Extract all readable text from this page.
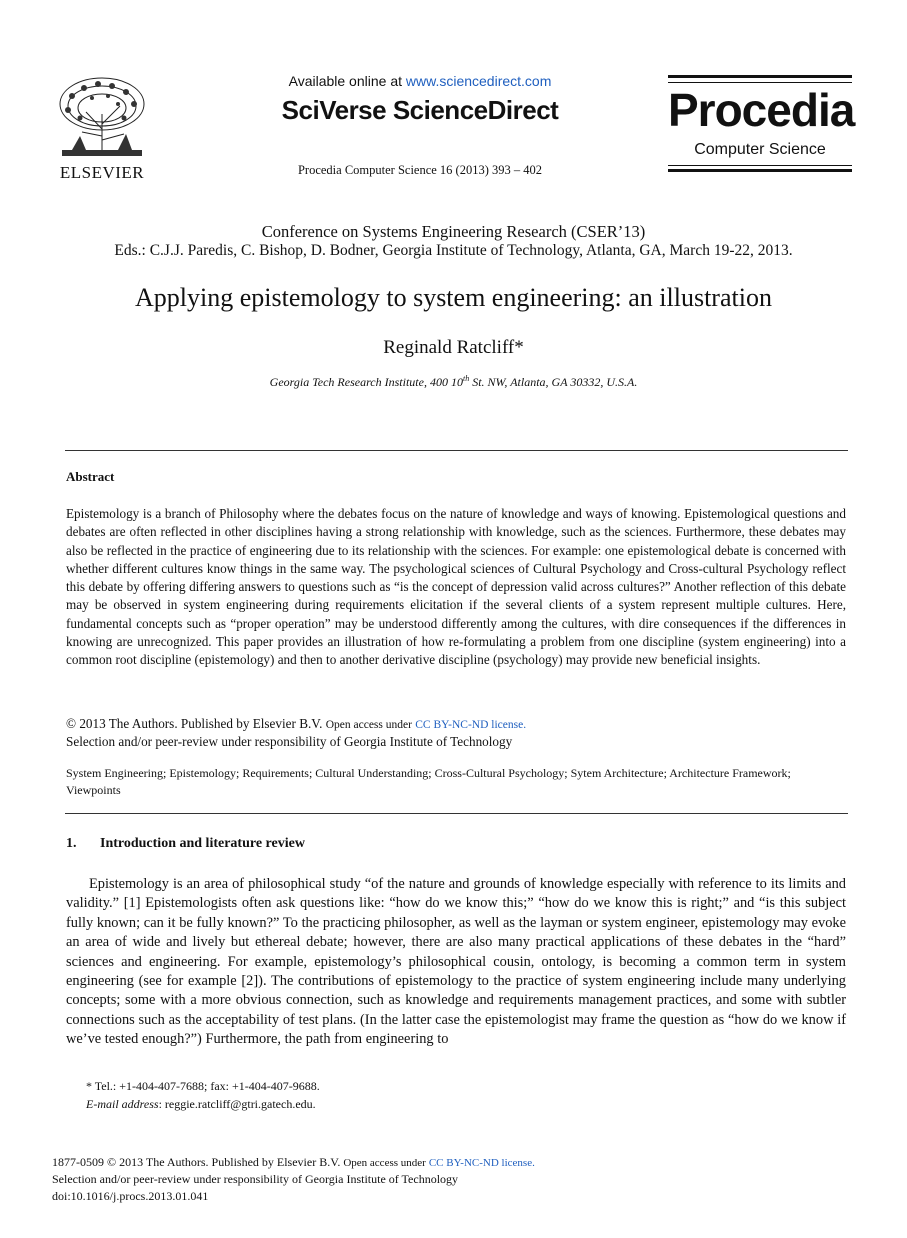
ELSEVIER
Available online at www.sciencedirect.com
SciVerse ScienceDirect
Procedia Computer Science 16 (2013) 393 – 402
Procedia
Computer Science
Conference on Systems Engineering Research (CSER’13)
Eds.: C.J.J. Paredis, C. Bishop, D. Bodner, Georgia Institute of Technology, Atlanta, GA, March 19-22, 2013.
Applying epistemology to system engineering: an illustration
Reginald Ratcliff*
Georgia Tech Research Institute, 400 10th St. NW, Atlanta, GA 30332, U.S.A.
Abstract
Epistemology is a branch of Philosophy where the debates focus on the nature of knowledge and ways of knowing. Epistemological questions and debates are often reflected in other disciplines having a strong relationship with knowledge, such as the sciences. Furthermore, these debates may also be reflected in the practice of engineering due to its relationship with the sciences. For example: one epistemological debate is concerned with whether different cultures know things in the same way. The psychological sciences of Cultural Psychology and Cross-cultural Psychology reflect this debate by offering differing answers to questions such as “is the concept of depression valid across cultures?” Another reflection of this debate may be observed in system engineering during requirements elicitation if the several clients of a system represent multiple cultures. Here, fundamental concepts such as “proper operation” may be understood differently among the cultures, with dire consequences if the differences in knowing are unrecognized. This paper provides an illustration of how re-formulating a problem from one discipline (system engineering) into a common root discipline (epistemology) and then to another derivative discipline (psychology) may provide new beneficial insights.
© 2013 The Authors. Published by Elsevier B.V. Open access under CC BY-NC-ND license.
Selection and/or peer-review under responsibility of Georgia Institute of Technology
System Engineering; Epistemology; Requirements; Cultural Understanding; Cross-Cultural Psychology; Sytem Architecture; Architecture Framework; Viewpoints
1. Introduction and literature review
Epistemology is an area of philosophical study “of the nature and grounds of knowledge especially with reference to its limits and validity.” [1] Epistemologists often ask questions like: “how do we know this;” “how do we know this is right;” and “is this subject fully known; can it be fully known?” To the practicing philosopher, as well as the layman or system engineer, epistemology may evoke an area of wide and lively but ethereal debate; however, there are also many practical applications of these debates in the “hard” sciences and engineering. For example, epistemology’s philosophical cousin, ontology, is becoming a common term in system engineering (see for example [2]). The contributions of epistemology to the practice of system engineering include many underlying concepts; some with a more obvious connection, such as knowledge and requirements management practices, and some with subtler connections such as the acceptability of test plans. (In the latter case the epistemologist may frame the question as “how do we know if we’ve tested enough?”) Furthermore, the path from engineering to
* Tel.: +1-404-407-7688; fax: +1-404-407-9688.
E-mail address: reggie.ratcliff@gtri.gatech.edu.
1877-0509 © 2013 The Authors. Published by Elsevier B.V. Open access under CC BY-NC-ND license.
Selection and/or peer-review under responsibility of Georgia Institute of Technology
doi:10.1016/j.procs.2013.01.041
